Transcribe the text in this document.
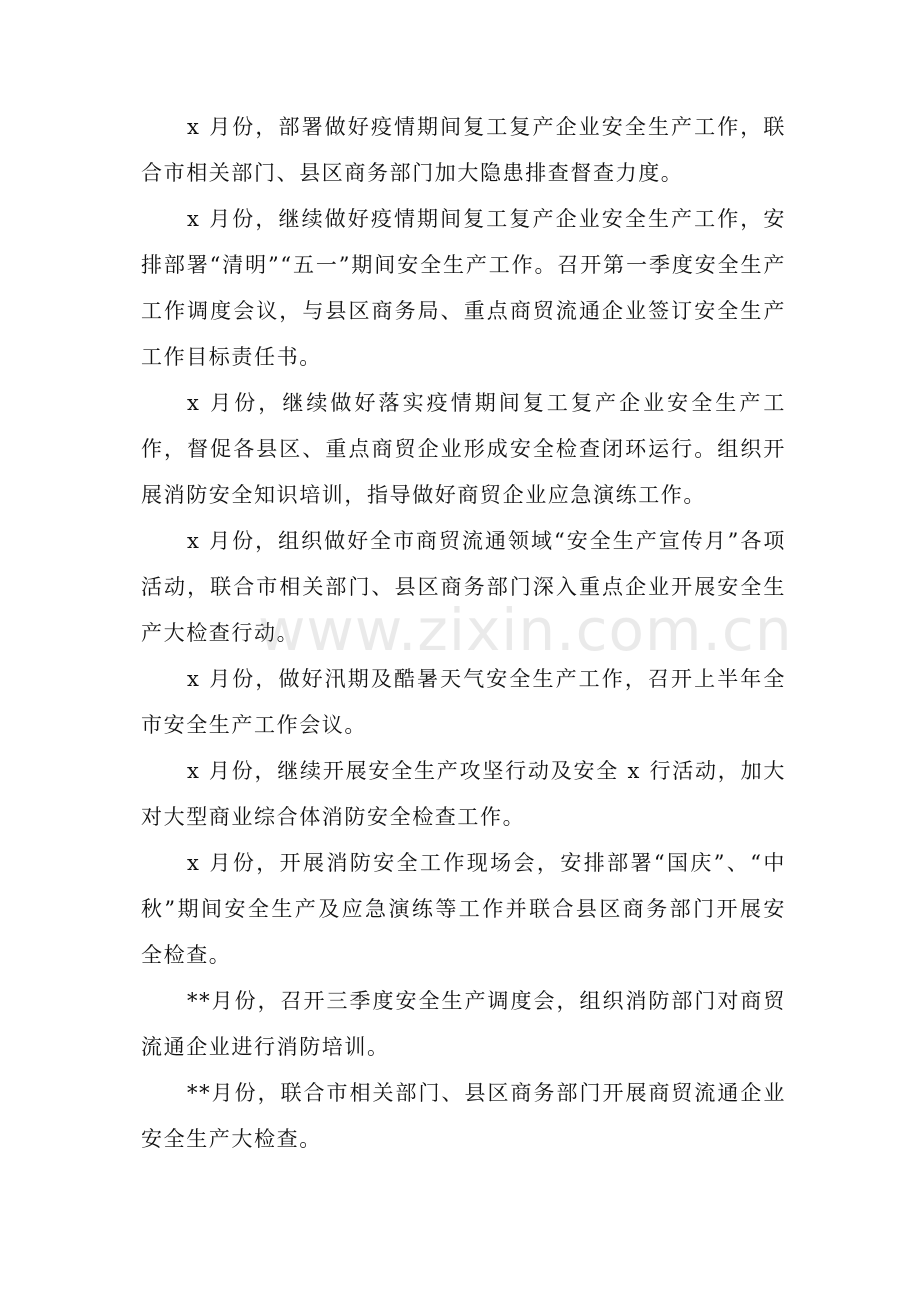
x 月份，部署做好疫情期间复工复产企业安全生产工作，联合市相关部门、县区商务部门加大隐患排查督查力度。

x 月份，继续做好疫情期间复工复产企业安全生产工作，安排部署“清明”“五一”期间安全生产工作。召开第一季度安全生产工作调度会议，与县区商务局、重点商贸流通企业签订安全生产工作目标责任书。

x 月份，继续做好落实疫情期间复工复产企业安全生产工作，督促各县区、重点商贸企业形成安全检查闭环运行。组织开展消防安全知识培训，指导做好商贸企业应急演练工作。

x 月份，组织做好全市商贸流通领域“安全生产宣传月”各项活动，联合市相关部门、县区商务部门深入重点企业开展安全生产大检查行动。

x 月份，做好汛期及酷暑天气安全生产工作，召开上半年全市安全生产工作会议。

x 月份，继续开展安全生产攻坚行动及安全 x 行活动，加大对大型商业综合体消防安全检查工作。

x 月份，开展消防安全工作现场会，安排部署“国庆”、“中秋”期间安全生产及应急演练等工作并联合县区商务部门开展安全检查。

**月份，召开三季度安全生产调度会，组织消防部门对商贸流通企业进行消防培训。

**月份，联合市相关部门、县区商务部门开展商贸流通企业安全生产大检查。

www.zixin.com.cn
